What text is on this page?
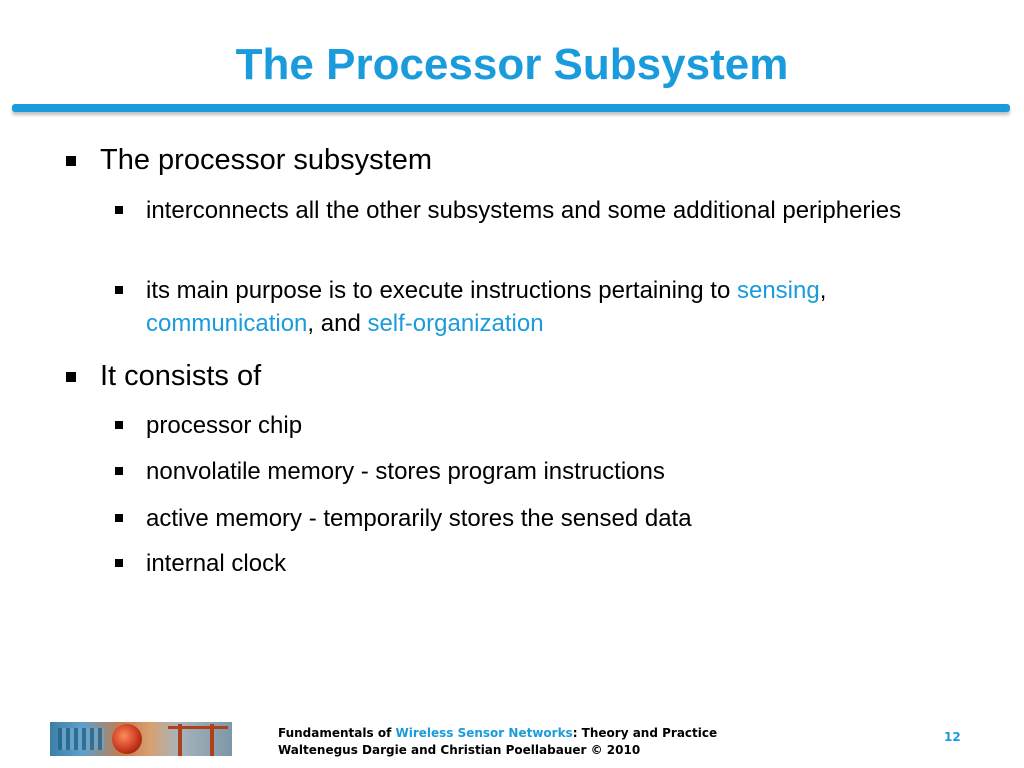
The Processor Subsystem
The processor subsystem
interconnects all the other subsystems and some additional peripheries
its main purpose is to execute instructions pertaining to sensing, communication, and self-organization
It consists of
processor chip
nonvolatile memory - stores program instructions
active memory - temporarily stores the sensed data
internal clock
Fundamentals of Wireless Sensor Networks: Theory and Practice
Waltenegus Dargie and Christian Poellabauer © 2010
12
